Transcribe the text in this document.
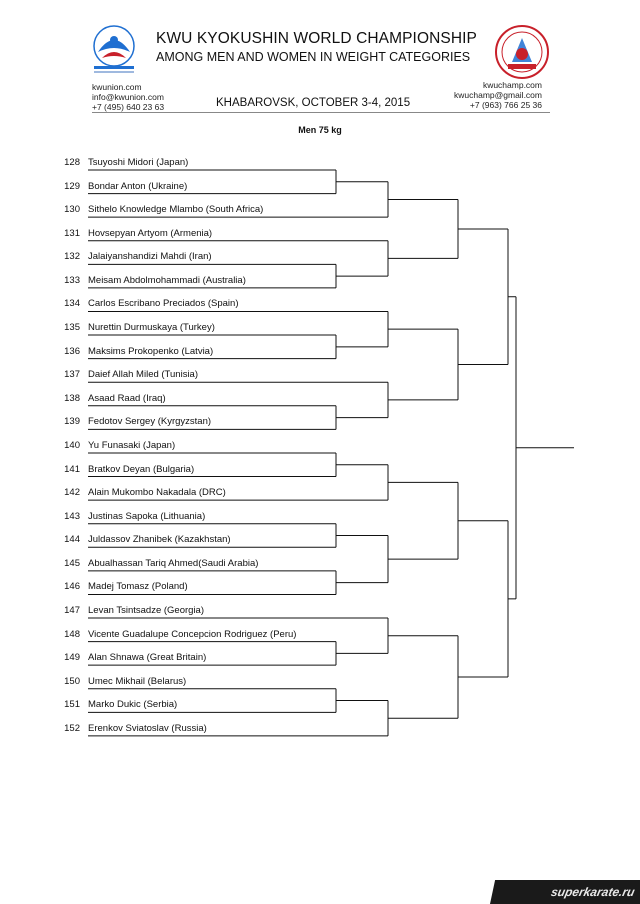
KWU KYOKUSHIN WORLD CHAMPIONSHIP
AMONG MEN AND WOMEN IN WEIGHT CATEGORIES
kwunion.com
info@kwunion.com
+7 (495) 640 23 63
kwuchamp.com
kwuchamp@gmail.com
+7 (963) 766 25 36
KHABAROVSK, OCTOBER 3-4, 2015
Men 75 kg
128 Tsuyoshi Midori (Japan)
129 Bondar Anton (Ukraine)
130 Sithelo Knowledge Mlambo (South Africa)
131 Hovsepyan Artyom (Armenia)
132 Jalaiyanshandizi Mahdi (Iran)
133 Meisam Abdolmohammadi (Australia)
134 Carlos Escribano Preciados (Spain)
135 Nurettin Durmuskaya (Turkey)
136 Maksims Prokopenko (Latvia)
137 Daief Allah Miled (Tunisia)
138 Asaad Raad (Iraq)
139 Fedotov Sergey (Kyrgyzstan)
140 Yu Funasaki (Japan)
141 Bratkov Deyan (Bulgaria)
142 Alain Mukombo Nakadala (DRC)
143 Justinas Sapoka (Lithuania)
144 Juldassov Zhanibek (Kazakhstan)
145 Abualhassan Tariq Ahmed(Saudi Arabia)
146 Madej Tomasz (Poland)
147 Levan Tsintsadze (Georgia)
148 Vicente Guadalupe Concepcion Rodriguez (Peru)
149 Alan Shnawa (Great Britain)
150 Umec Mikhail (Belarus)
151 Marko Dukic (Serbia)
152 Erenkov Sviatoslav (Russia)
superkarate.ru
